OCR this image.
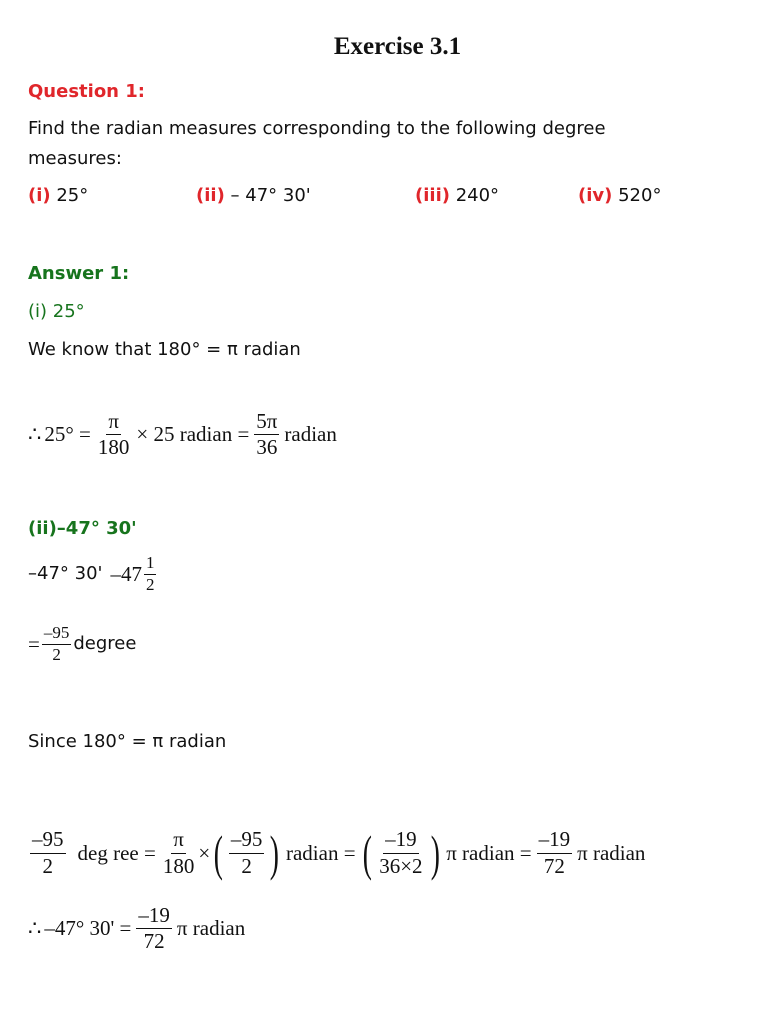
Exercise 3.1
Question 1:
Find the radian measures corresponding to the following degree
measures:
(i) 25°	(ii) – 47° 30'	(iii) 240°	(iv) 520°
Answer 1:
(i) 25°
We know that 180° = π radian
∴ $25^\circ = \frac{\pi}{180} \times 25$ radian = $\frac{5\pi}{36}$ radian
(ii)–47° 30'
–47° 30' $-47 \frac{1}{2}$
= $\frac{-95}{2}$ degree
Since 180° = π radian
$\frac{-95}{2}$ deg ree = $\frac{\pi}{180}$ × ( $\frac{-95}{2}$ ) radian = ( $\frac{-19}{36\times 2}$ ) π radian = $\frac{-19}{72}$ π radian
∴ –47° $30' = \frac{-19}{72}$ π radian
